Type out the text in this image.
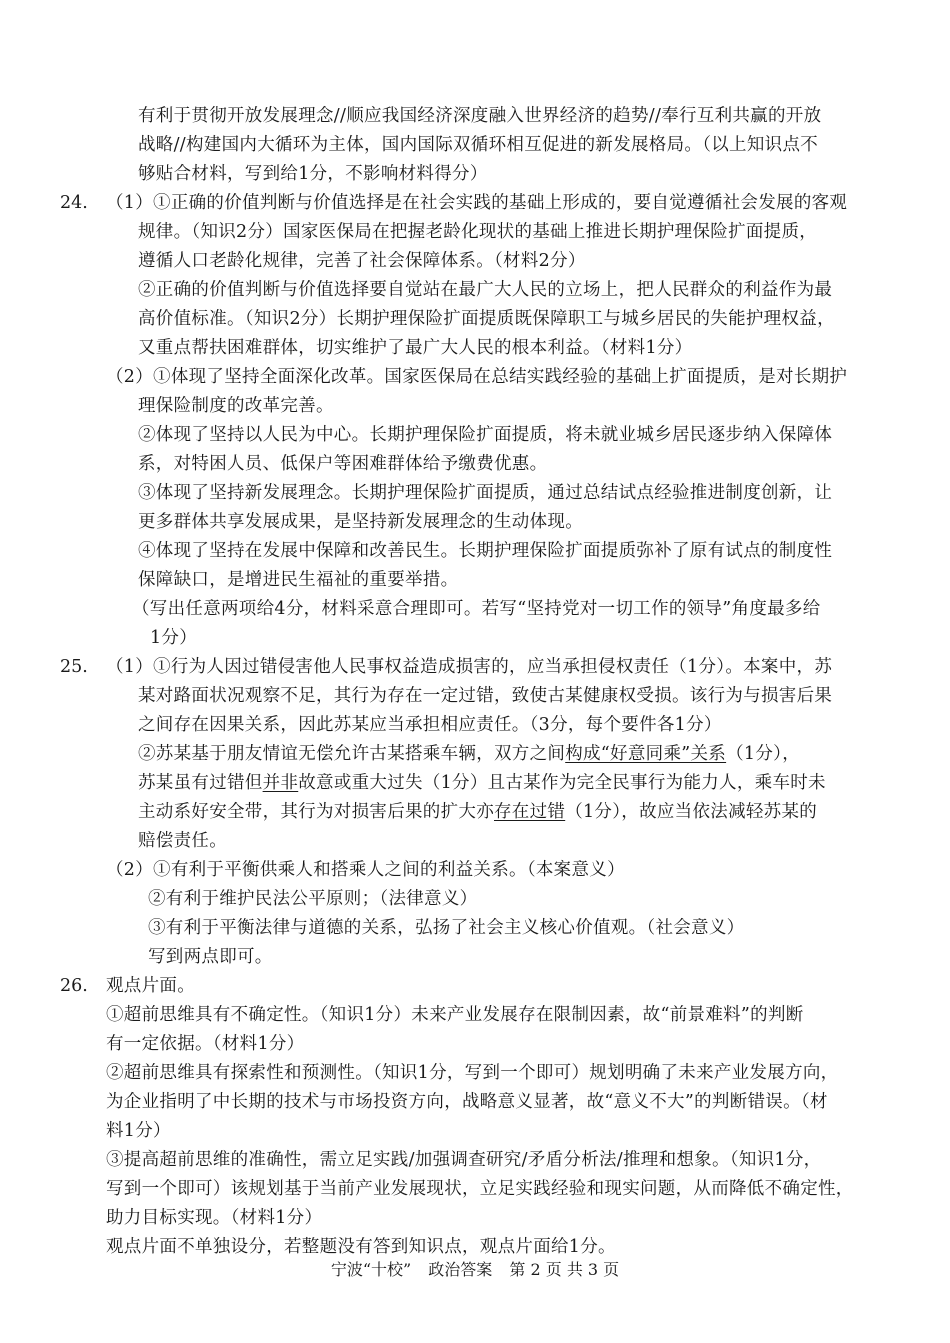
有利于贯彻开放发展理念//顺应我国经济深度融入世界经济的趋势//奉行互利共赢的开放
战略//构建国内大循环为主体，国内国际双循环相互促进的新发展格局。（以上知识点不
够贴合材料，写到给1分，不影响材料得分）
24. （1）①正确的价值判断与价值选择是在社会实践的基础上形成的，要自觉遵循社会发展的客观
规律。（知识2分）国家医保局在把握老龄化现状的基础上推进长期护理保险扩面提质，
遵循人口老龄化规律，完善了社会保障体系。（材料2分）
②正确的价值判断与价值选择要自觉站在最广大人民的立场上，把人民群众的利益作为最
高价值标准。（知识2分）长期护理保险扩面提质既保障职工与城乡居民的失能护理权益，
又重点帮扶困难群体，切实维护了最广大人民的根本利益。（材料1分）
（2）①体现了坚持全面深化改革。国家医保局在总结实践经验的基础上扩面提质，是对长期护
理保险制度的改革完善。
②体现了坚持以人民为中心。长期护理保险扩面提质，将未就业城乡居民逐步纳入保障体
系，对特困人员、低保户等困难群体给予缴费优惠。
③体现了坚持新发展理念。长期护理保险扩面提质，通过总结试点经验推进制度创新，让
更多群体共享发展成果，是坚持新发展理念的生动体现。
④体现了坚持在发展中保障和改善民生。长期护理保险扩面提质弥补了原有试点的制度性
保障缺口，是增进民生福祉的重要举措。
（写出任意两项给4分，材料采意合理即可。若写“坚持党对一切工作的领导”角度最多给
1分）
25. （1）①行为人因过错侵害他人民事权益造成损害的，应当承担侵权责任（1分）。本案中，苏
某对路面状况观察不足，其行为存在一定过错，致使古某健康权受损。该行为与损害后果
之间存在因果关系，因此苏某应当承担相应责任。（3分，每个要件各1分）
②苏某基于朋友情谊无偿允许古某搭乘车辆，双方之间构成“好意同乘”关系（1分），
苏某虽有过错但并非故意或重大过失（1分）且古某作为完全民事行为能力人，乘车时未
主动系好安全带，其行为对损害后果的扩大亦存在过错（1分），故应当依法减轻苏某的
赔偿责任。
（2）①有利于平衡供乘人和搭乘人之间的利益关系。（本案意义）
②有利于维护民法公平原则；（法律意义）
③有利于平衡法律与道德的关系，弘扬了社会主义核心价值观。（社会意义）
写到两点即可。
26. 观点片面。
①超前思维具有不确定性。（知识1分）未来产业发展存在限制因素，故“前景难料”的判断
有一定依据。（材料1分）
②超前思维具有探索性和预测性。（知识1分，写到一个即可）规划明确了未来产业发展方向，
为企业指明了中长期的技术与市场投资方向，战略意义显著，故“意义不大”的判断错误。（材
料1分）
③提高超前思维的准确性，需立足实践/加强调查研究/矛盾分析法/推理和想象。（知识1分，
写到一个即可）该规划基于当前产业发展现状，立足实践经验和现实问题，从而降低不确定性，
助力目标实现。（材料1分）
观点片面不单独设分，若整题没有答到知识点，观点片面给1分。
宁波“十校” 政治答案 第 2 页 共 3 页
